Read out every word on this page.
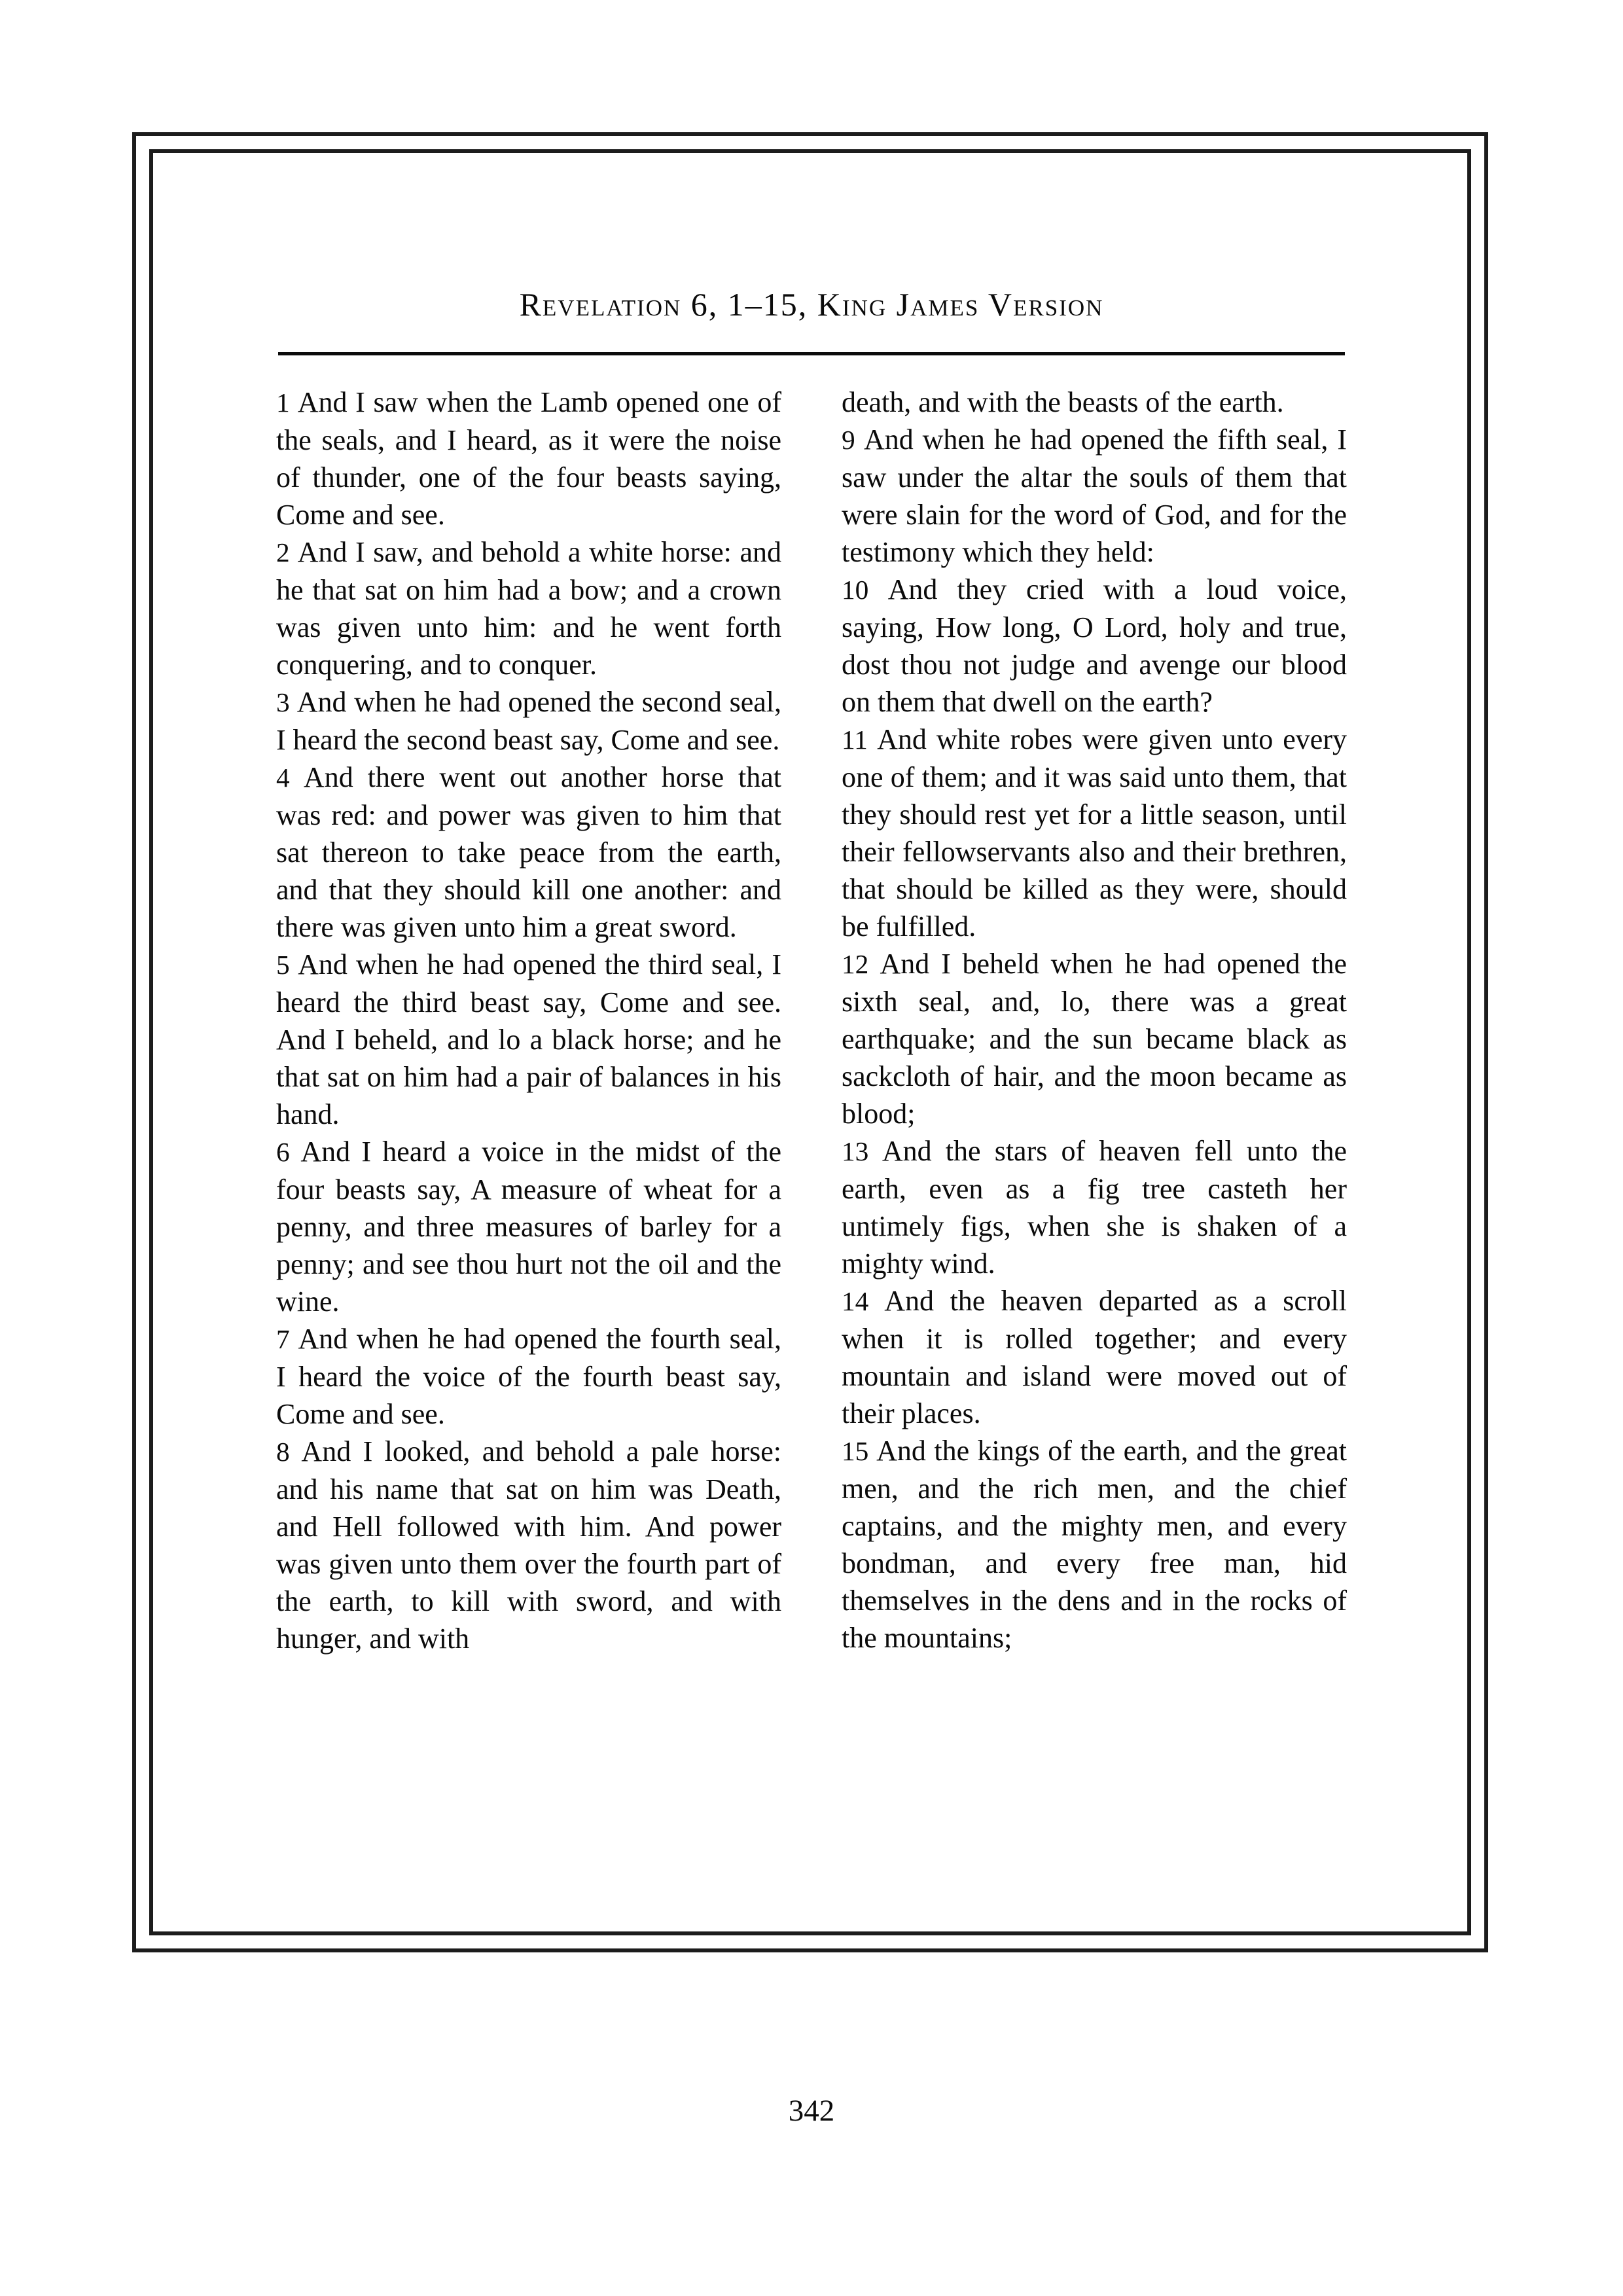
Revelation 6, 1–15, King James Version

1 And I saw when the Lamb opened one of the seals, and I heard, as it were the noise of thunder, one of the four beasts saying, Come and see.

2 And I saw, and behold a white horse: and he that sat on him had a bow; and a crown was given unto him: and he went forth conquering, and to conquer.

3 And when he had opened the second seal, I heard the second beast say, Come and see.

4 And there went out another horse that was red: and power was given to him that sat thereon to take peace from the earth, and that they should kill one another: and there was given unto him a great sword.

5 And when he had opened the third seal, I heard the third beast say, Come and see. And I beheld, and lo a black horse; and he that sat on him had a pair of balances in his hand.

6 And I heard a voice in the midst of the four beasts say, A measure of wheat for a penny, and three measures of barley for a penny; and see thou hurt not the oil and the wine.

7 And when he had opened the fourth seal, I heard the voice of the fourth beast say, Come and see.

8 And I looked, and behold a pale horse: and his name that sat on him was Death, and Hell followed with him. And power was given unto them over the fourth part of the earth, to kill with sword, and with hunger, and with

death, and with the beasts of the earth.

9 And when he had opened the fifth seal, I saw under the altar the souls of them that were slain for the word of God, and for the testimony which they held:

10 And they cried with a loud voice, saying, How long, O Lord, holy and true, dost thou not judge and avenge our blood on them that dwell on the earth?

11 And white robes were given unto every one of them; and it was said unto them, that they should rest yet for a little season, until their fellowservants also and their brethren, that should be killed as they were, should be fulfilled.

12 And I beheld when he had opened the sixth seal, and, lo, there was a great earthquake; and the sun became black as sackcloth of hair, and the moon became as blood;

13 And the stars of heaven fell unto the earth, even as a fig tree casteth her untimely figs, when she is shaken of a mighty wind.

14 And the heaven departed as a scroll when it is rolled together; and every mountain and island were moved out of their places.

15 And the kings of the earth, and the great men, and the rich men, and the chief captains, and the mighty men, and every bondman, and every free man, hid themselves in the dens and in the rocks of the mountains;

342
